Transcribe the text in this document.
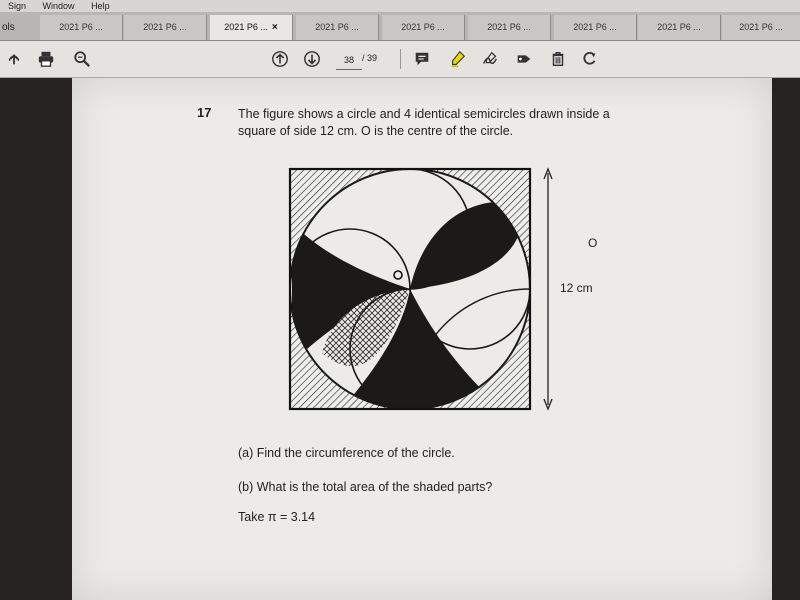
Sign Window Help
ols	2021 P6 ...	2021 P6 ...	2021 P6 ... ×	2021 P6 ...	2021 P6 ...	2021 P6 ...	2021 P6 ...	2021 P6 ...	2021 P6 ...
38
/ 39
17 The figure shows a circle and 4 identical semicircles drawn inside a
square of side 12 cm. O is the centre of the circle.
O
12 cm
(a) Find the circumference of the circle.
(b) What is the total area of the shaded parts?
Take π = 3.14
